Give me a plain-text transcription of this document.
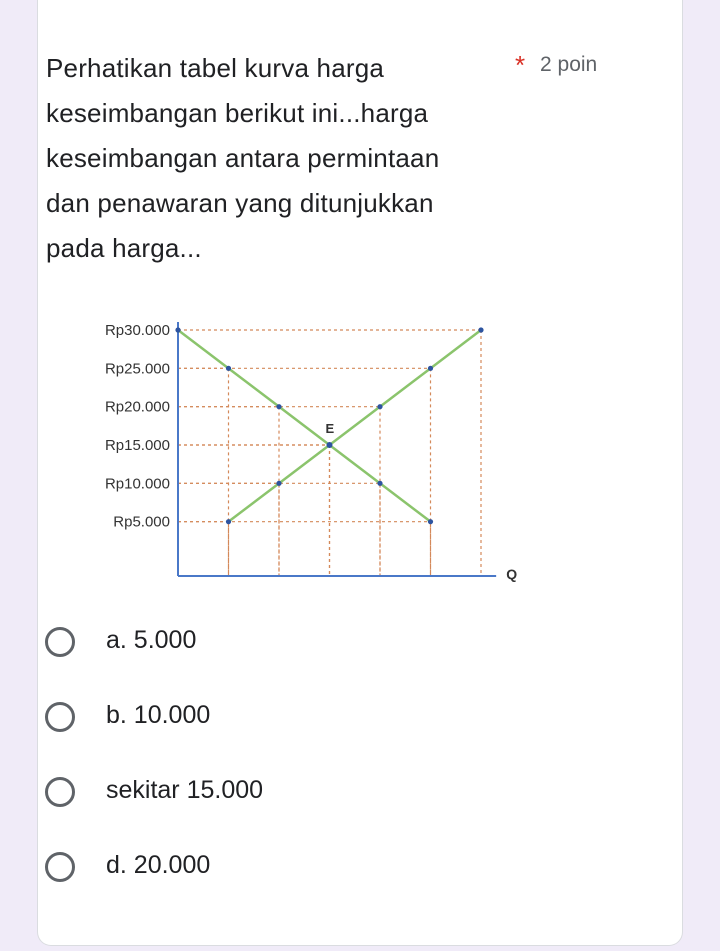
Perhatikan tabel kurva harga keseimbangan berikut ini...harga keseimbangan antara permintaan dan penawaran yang ditunjukkan pada harga...
* 2 poin
Rp30.000
Rp25.000
Rp20.000
Rp15.000
Rp10.000
Rp5.000
E
Q
a. 5.000
b. 10.000
sekitar 15.000
d. 20.000
